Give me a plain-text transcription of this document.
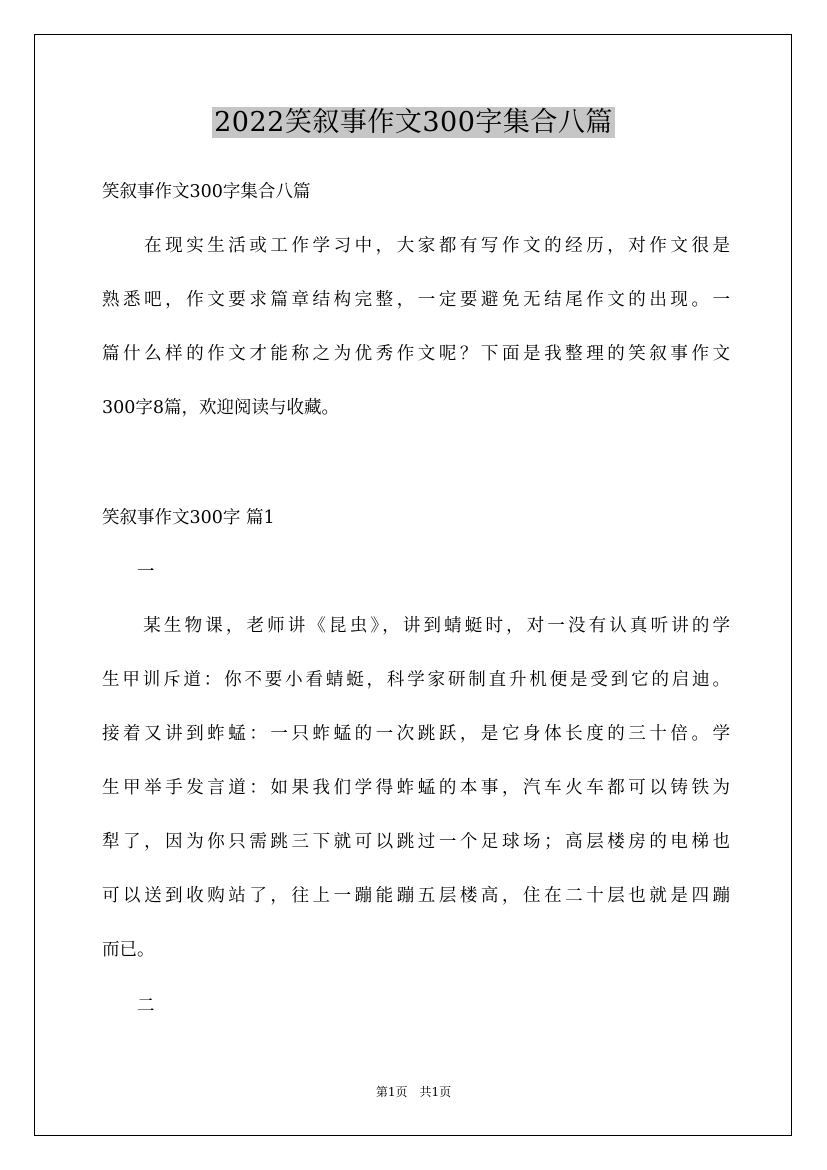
2022笑叙事作文300字集合八篇
笑叙事作文300字集合八篇
　　在现实生活或工作学习中，大家都有写作文的经历，对作文很是
熟悉吧，作文要求篇章结构完整，一定要避免无结尾作文的出现。一
篇什么样的作文才能称之为优秀作文呢？下面是我整理的笑叙事作文
300字8篇，欢迎阅读与收藏。
笑叙事作文300字 篇1
　　一
　　某生物课，老师讲《昆虫》，讲到蜻蜓时，对一没有认真听讲的学
生甲训斥道：你不要小看蜻蜓，科学家研制直升机便是受到它的启迪。
接着又讲到蚱蜢：一只蚱蜢的一次跳跃，是它身体长度的三十倍。学
生甲举手发言道：如果我们学得蚱蜢的本事，汽车火车都可以铸铁为
犁了，因为你只需跳三下就可以跳过一个足球场；高层楼房的电梯也
可以送到收购站了，往上一蹦能蹦五层楼高，住在二十层也就是四蹦
而已。
　　二
第1页　共1页
